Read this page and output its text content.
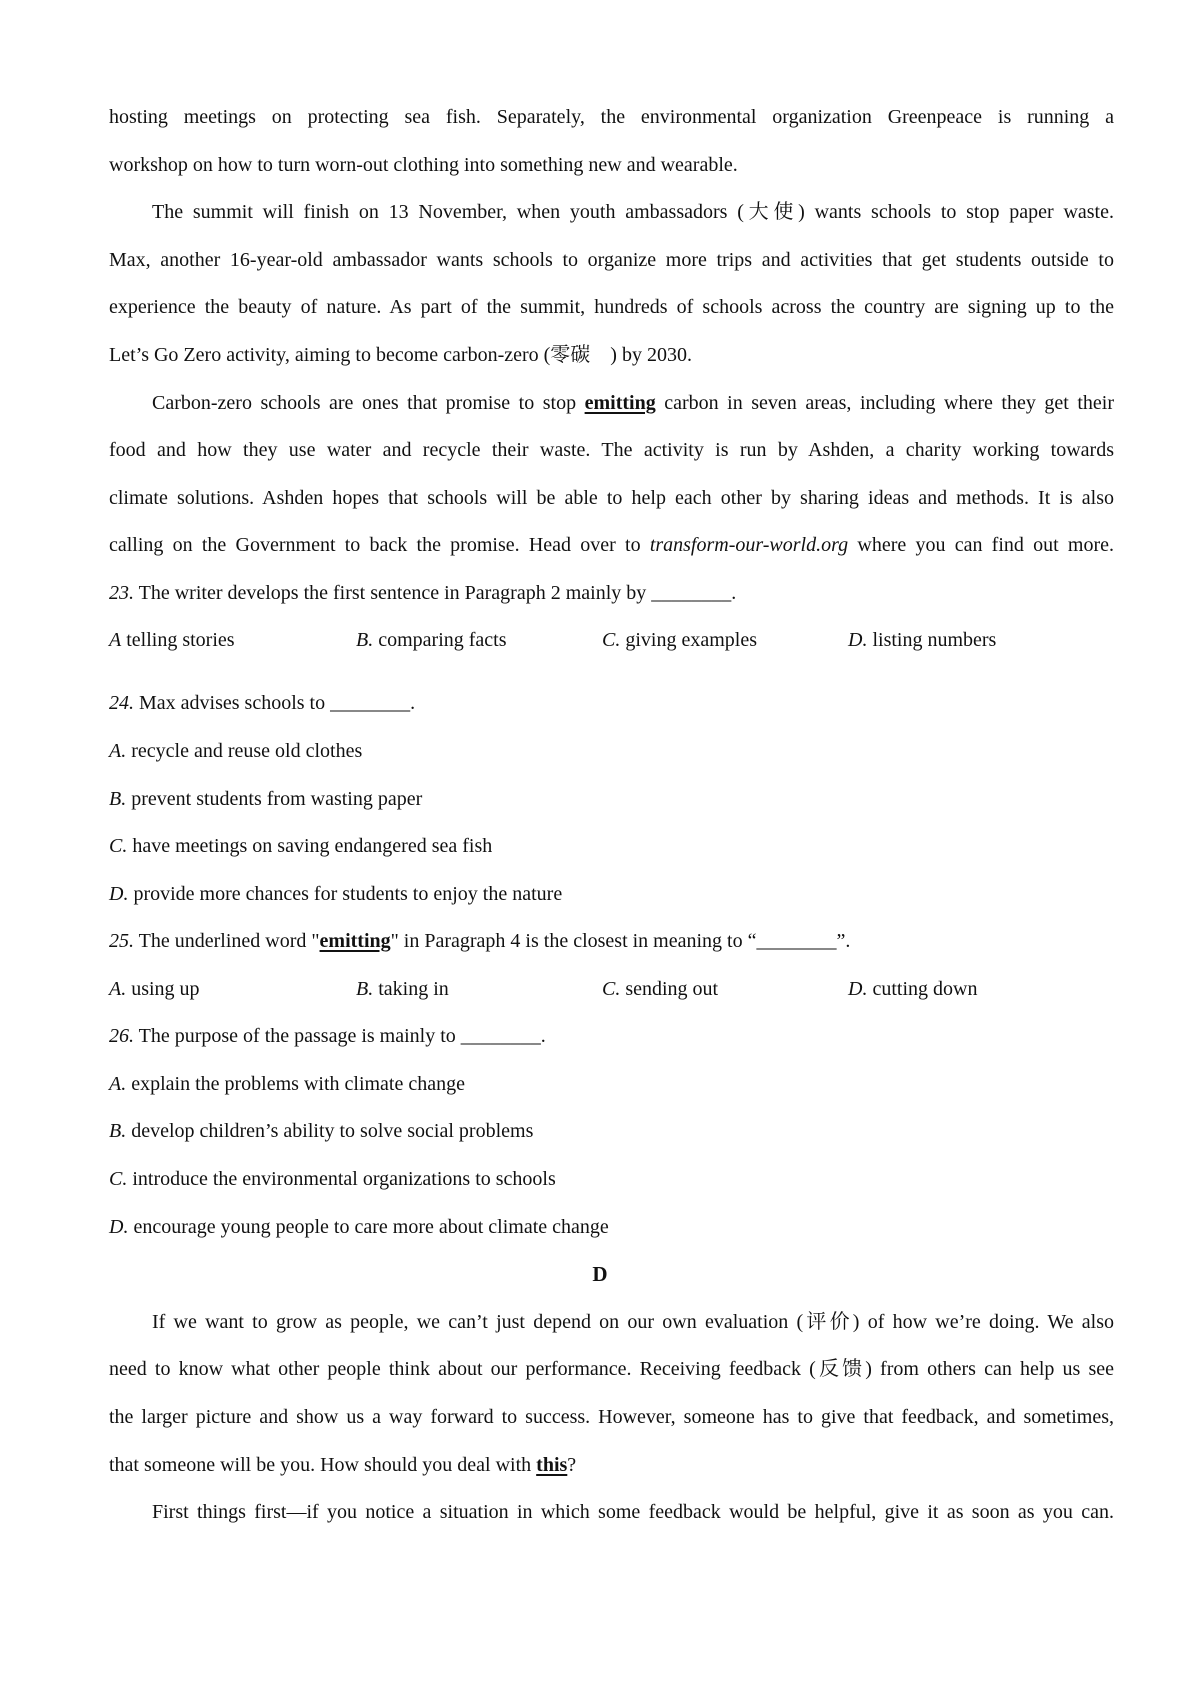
hosting meetings on protecting sea fish. Separately, the environmental organization Greenpeace is running a
workshop on how to turn worn-out clothing into something new and wearable.
The summit will finish on 13 November, when youth ambassadors (大使) wants schools to stop paper waste.
Max, another 16-year-old ambassador wants schools to organize more trips and activities that get students outside to
experience the beauty of nature. As part of the summit, hundreds of schools across the country are signing up to the
Let’s Go Zero activity, aiming to become carbon-zero (零碳　) by 2030.
Carbon-zero schools are ones that promise to stop emitting carbon in seven areas, including where they get their
food and how they use water and recycle their waste. The activity is run by Ashden, a charity working towards
climate solutions. Ashden hopes that schools will be able to help each other by sharing ideas and methods. It is also
calling on the Government to back the promise. Head over to transform-our-world.org where you can find out more.
23. The writer develops the first sentence in Paragraph 2 mainly by ________.
A telling stories	B. comparing facts	C. giving examples	D. listing numbers
24. Max advises schools to ________.
A. recycle and reuse old clothes
B. prevent students from wasting paper
C. have meetings on saving endangered sea fish
D. provide more chances for students to enjoy the nature
25. The underlined word "emitting" in Paragraph 4 is the closest in meaning to “________”.
A. using up	B. taking in	C. sending out	D. cutting down
26. The purpose of the passage is mainly to ________.
A. explain the problems with climate change
B. develop children’s ability to solve social problems
C. introduce the environmental organizations to schools
D. encourage young people to care more about climate change
D
If we want to grow as people, we can’t just depend on our own evaluation (评价) of how we’re doing. We also
need to know what other people think about our performance. Receiving feedback (反馈) from others can help us see
the larger picture and show us a way forward to success. However, someone has to give that feedback, and sometimes,
that someone will be you. How should you deal with this?
First things first—if you notice a situation in which some feedback would be helpful, give it as soon as you can.
